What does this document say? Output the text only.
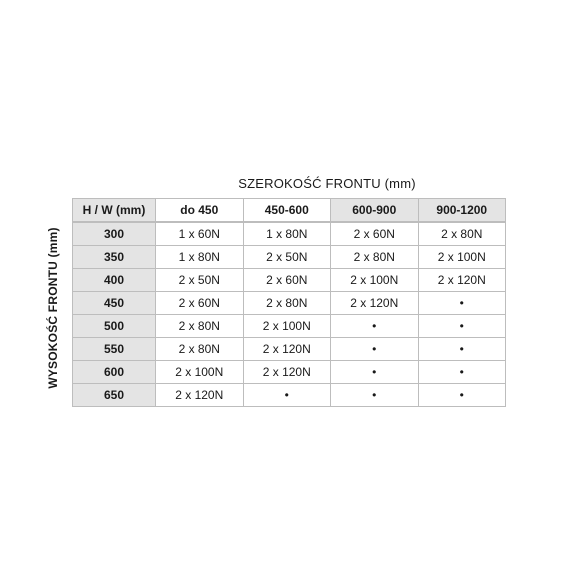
SZEROKOŚĆ FRONTU (mm)
WYSOKOŚĆ FRONTU (mm)
H / W (mm)	do 450	450-600	600-900	900-1200
300	1 x 60N	1 x 80N	2 x 60N	2 x 80N
350	1 x 80N	2 x 50N	2 x 80N	2 x 100N
400	2 x 50N	2 x 60N	2 x 100N	2 x 120N
450	2 x 60N	2 x 80N	2 x 120N	•
500	2 x 80N	2 x 100N	•	•
550	2 x 80N	2 x 120N	•	•
600	2 x 100N	2 x 120N	•	•
650	2 x 120N	•	•	•
